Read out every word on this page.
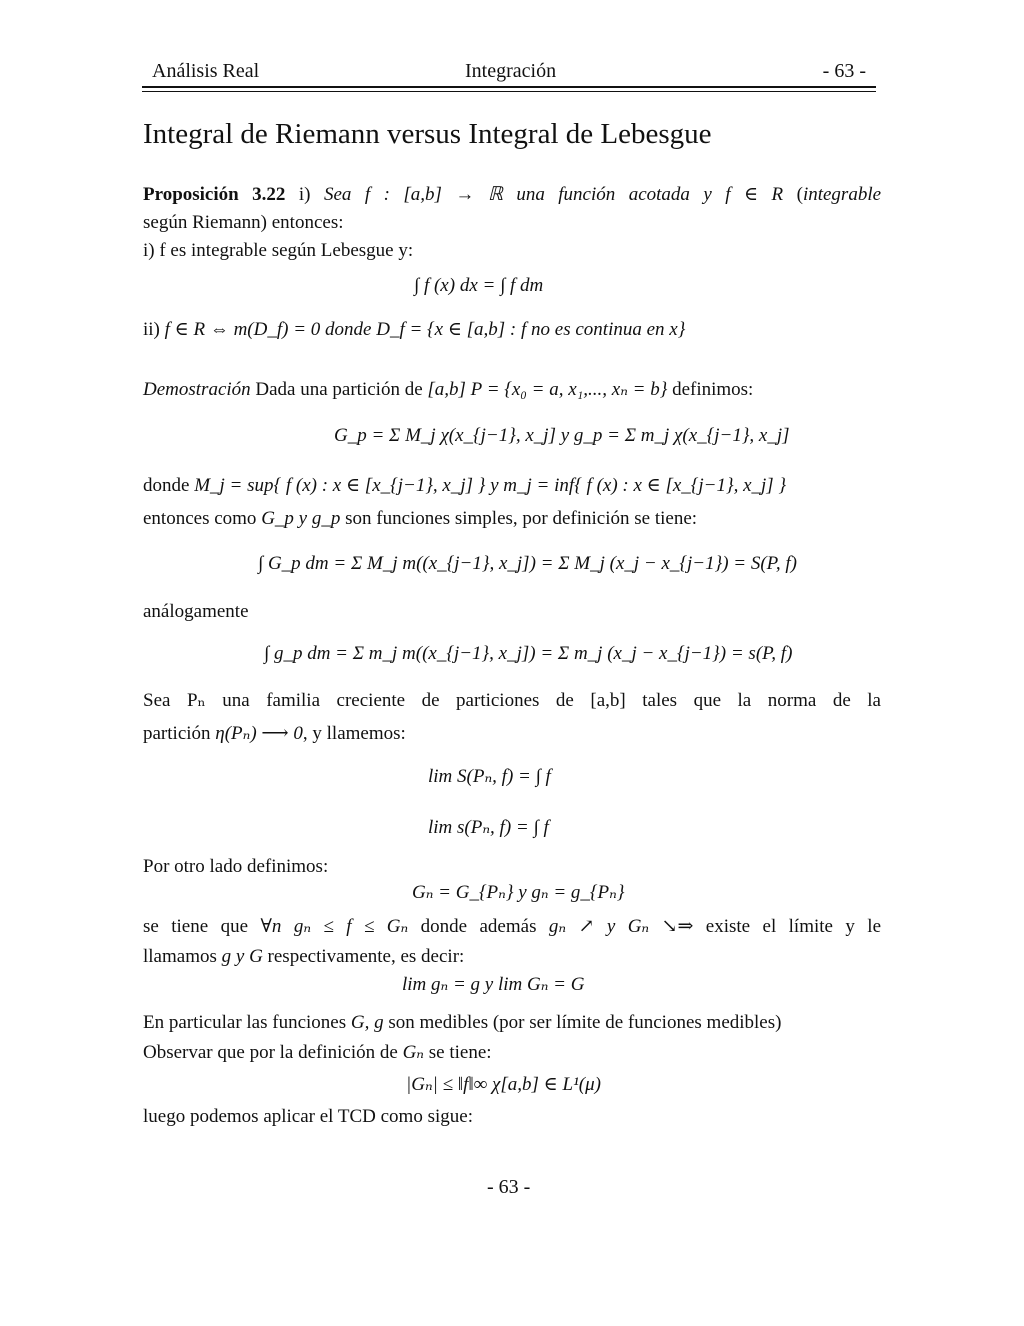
Análisis Real	Integración	- 63 -
Integral de Riemann versus Integral de Lebesgue
Proposición 3.22 i) Sea f : [a,b] → ℝ una función acotada y f ∈ R (integrable
según Riemann) entonces:
i) f es integrable según Lebesgue y:
∫ f (x) dx = ∫ f dm
ii) f ∈ R ⇔ m(D_f) = 0 donde D_f = {x ∈ [a,b] : f no es continua en x}
Demostración Dada una partición de [a,b] P = {x₀ = a, x₁,..., xₙ = b} definimos:
G_p = Σ M_j χ(x_{j−1}, x_j] y g_p = Σ m_j χ(x_{j−1}, x_j]
donde M_j = sup{ f (x) : x ∈ [x_{j−1}, x_j] } y m_j = inf{ f (x) : x ∈ [x_{j−1}, x_j] }
entonces como G_p y g_p son funciones simples, por definición se tiene:
∫ G_p dm = Σ M_j m((x_{j−1}, x_j]) = Σ M_j (x_j − x_{j−1}) = S(P, f)
análogamente
∫ g_p dm = Σ m_j m((x_{j−1}, x_j]) = Σ m_j (x_j − x_{j−1}) = s(P, f)
Sea Pₙ una familia creciente de particiones de [a,b] tales que la norma de la
partición η(Pₙ) ⟶ 0, y llamemos:
lim S(Pₙ, f) = ∫ f
lim s(Pₙ, f) = ∫ f
Por otro lado definimos:
Gₙ = G_{Pₙ} y gₙ = g_{Pₙ}
se tiene que ∀n gₙ ≤ f ≤ Gₙ donde además gₙ ↗ y Gₙ ↘⇒ existe el límite y le
llamamos g y G respectivamente, es decir:
lim gₙ = g y lim Gₙ = G
En particular las funciones G, g son medibles (por ser límite de funciones medibles)
Observar que por la definición de Gₙ se tiene:
|Gₙ| ≤ ‖f‖∞ χ[a,b] ∈ L¹(μ)
luego podemos aplicar el TCD como sigue:
- 63 -
